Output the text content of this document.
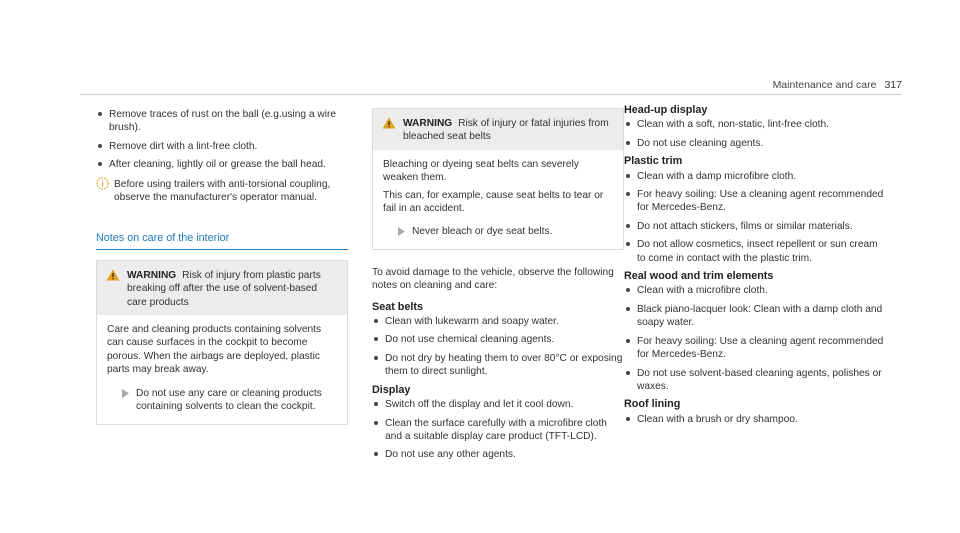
Maintenance and care 317
Remove traces of rust on the ball (e.g.using a wire brush).
Remove dirt with a lint-free cloth.
After cleaning, lightly oil or grease the ball head.
Before using trailers with anti-torsional coupling, observe the manufacturer's operator manual.
Notes on care of the interior
WARNING Risk of injury from plastic parts breaking off after the use of solvent-based care products

Care and cleaning products containing solvents can cause surfaces in the cockpit to become porous. When the airbags are deployed, plastic parts may break away.

Do not use any care or cleaning products containing solvents to clean the cockpit.
WARNING Risk of injury or fatal injuries from bleached seat belts

Bleaching or dyeing seat belts can severely weaken them.

This can, for example, cause seat belts to tear or fail in an accident.

Never bleach or dye seat belts.
To avoid damage to the vehicle, observe the following notes on cleaning and care:
Seat belts
Clean with lukewarm and soapy water.
Do not use chemical cleaning agents.
Do not dry by heating them to over 80°C or exposing them to direct sunlight.
Display
Switch off the display and let it cool down.
Clean the surface carefully with a microfibre cloth and a suitable display care product (TFT-LCD).
Do not use any other agents.
Head-up display
Clean with a soft, non-static, lint-free cloth.
Do not use cleaning agents.
Plastic trim
Clean with a damp microfibre cloth.
For heavy soiling: Use a cleaning agent recommended for Mercedes-Benz.
Do not attach stickers, films or similar materials.
Do not allow cosmetics, insect repellent or sun cream to come in contact with the plastic trim.
Real wood and trim elements
Clean with a microfibre cloth.
Black piano-lacquer look: Clean with a damp cloth and soapy water.
For heavy soiling: Use a cleaning agent recommended for Mercedes-Benz.
Do not use solvent-based cleaning agents, polishes or waxes.
Roof lining
Clean with a brush or dry shampoo.
